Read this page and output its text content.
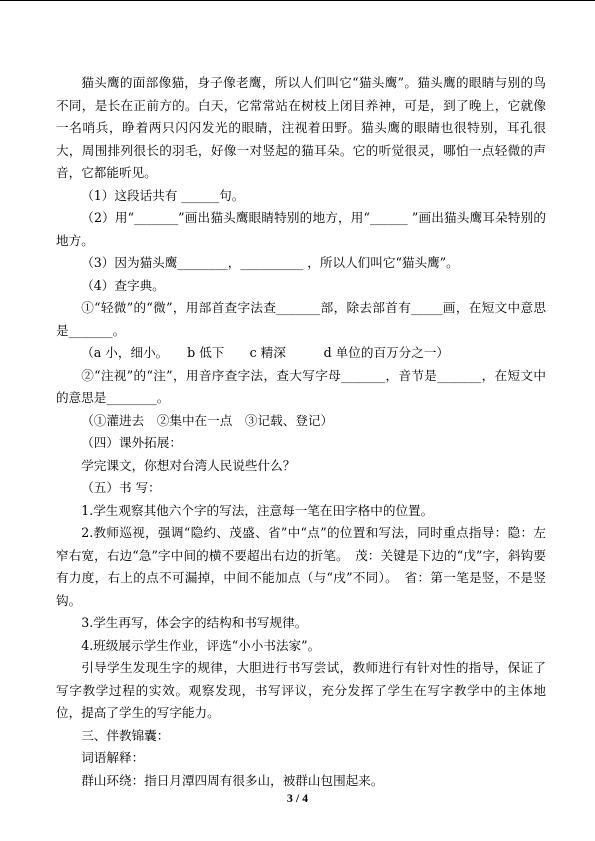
猫头鹰的面部像猫，身子像老鹰，所以人们叫它“猫头鹰”。猫头鹰的眼睛与别的鸟不同，是长在正前方的。白天，它常常站在树枝上闭目养神，可是，到了晚上，它就像一名哨兵，睁着两只闪闪发光的眼睛，注视着田野。猫头鹰的眼睛也很特别，耳孔很大，周围排列很长的羽毛，好像一对竖起的猫耳朵。它的听觉很灵，哪怕一点轻微的声音，它都能听见。

（1）这段话共有 ______句。

（2）用“_______”画出猫头鹰眼睛特别的地方，用“______ ”画出猫头鹰耳朵特别的地方。

（3）因为猫头鹰________，__________ ，所以人们叫它“猫头鹰”。

（4）查字典。

①“轻微”的“微”，用部首查字法查_______部，除去部首有_____画，在短文中意思是_______。

（a 小，细小。　　b 低下　　c 精深　　　d 单位的百万分之一）

②“注视”的“注”，用音序查字法，查大写字母_______，音节是_______，在短文中的意思是________。

（①灌进去　②集中在一点　③记载、登记）

（四）课外拓展：

学完课文，你想对台湾人民说些什么？

（五）书 写：

1.学生观察其他六个字的写法，注意每一笔在田字格中的位置。

2.教师巡视，强调“隐约、茂盛、省”中“点”的位置和写法，同时重点指导：隐：左窄右宽，右边“急”字中间的横不要超出右边的折笔。　茂：关键是下边的“戊”字，斜钩要有力度，右上的点不可漏掉，中间不能加点（与“戌”不同）。　省：第一笔是竖，不是竖钩。

3.学生再写，体会字的结构和书写规律。

4.班级展示学生作业，评选“小小书法家”。

引导学生发现生字的规律，大胆进行书写尝试，教师进行有针对性的指导，保证了写字教学过程的实效。观察发现，书写评议，充分发挥了学生在写字教学中的主体地位，提高了学生的写字能力。

三、伴教锦囊：

词语解释：

群山环绕：指日月潭四周有很多山，被群山包围起来。

3 / 4
